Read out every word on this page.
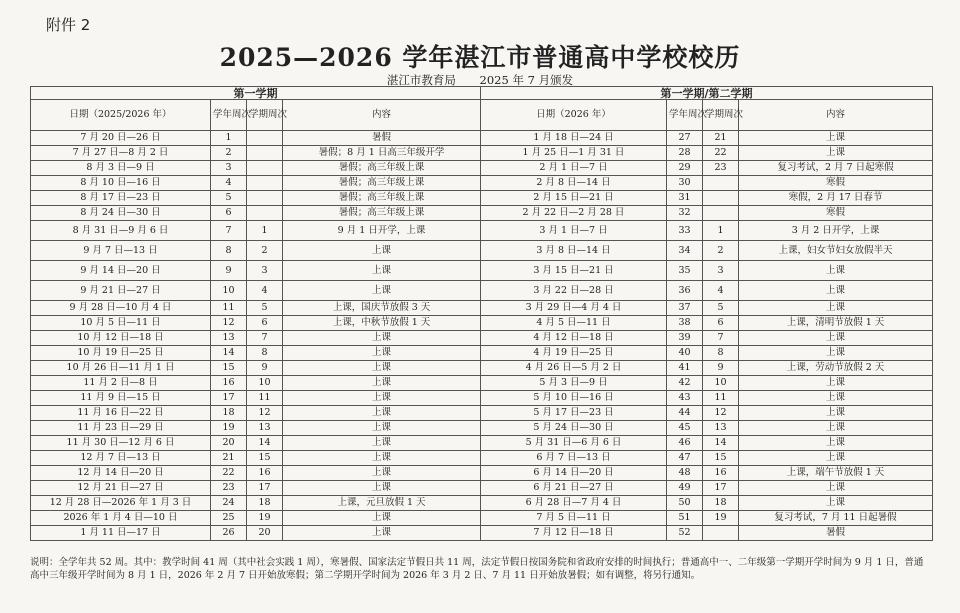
附件 2
2025—2026 学年湛江市普通高中学校校历
湛江市教育局 2025 年 7 月颁发
第一学期				第一学期/第二学期			
日期（2025/2026 年）	学年周次	学期周次	内容	日期（2026 年）	学年周次	学期周次	内容
7 月 20 日—26 日	1		暑假	1 月 18 日—24 日	27	21	上课
7 月 27 日—8 月 2 日	2		暑假；8 月 1 日高三年级开学	1 月 25 日—1 月 31 日	28	22	上课
8 月 3 日—9 日	3		暑假；高三年级上课	2 月 1 日—7 日	29	23	复习考试，2 月 7 日起寒假
8 月 10 日—16 日	4		暑假；高三年级上课	2 月 8 日—14 日	30		寒假
8 月 17 日—23 日	5		暑假；高三年级上课	2 月 15 日—21 日	31		寒假，2 月 17 日春节
8 月 24 日—30 日	6		暑假；高三年级上课	2 月 22 日—2 月 28 日	32		寒假
8 月 31 日—9 月 6 日	7	1	9 月 1 日开学，上课	3 月 1 日—7 日	33	1	3 月 2 日开学，上课
9 月 7 日—13 日	8	2	上课	3 月 8 日—14 日	34	2	上课，妇女节妇女放假半天
9 月 14 日—20 日	9	3	上课	3 月 15 日—21 日	35	3	上课
9 月 21 日—27 日	10	4	上课	3 月 22 日—28 日	36	4	上课
9 月 28 日—10 月 4 日	11	5	上课，国庆节放假 3 天	3 月 29 日—4 月 4 日	37	5	上课
10 月 5 日—11 日	12	6	上课，中秋节放假 1 天	4 月 5 日—11 日	38	6	上课，清明节放假 1 天
10 月 12 日—18 日	13	7	上课	4 月 12 日—18 日	39	7	上课
10 月 19 日—25 日	14	8	上课	4 月 19 日—25 日	40	8	上课
10 月 26 日—11 月 1 日	15	9	上课	4 月 26 日—5 月 2 日	41	9	上课，劳动节放假 2 天
11 月 2 日—8 日	16	10	上课	5 月 3 日—9 日	42	10	上课
11 月 9 日—15 日	17	11	上课	5 月 10 日—16 日	43	11	上课
11 月 16 日—22 日	18	12	上课	5 月 17 日—23 日	44	12	上课
11 月 23 日—29 日	19	13	上课	5 月 24 日—30 日	45	13	上课
11 月 30 日—12 月 6 日	20	14	上课	5 月 31 日—6 月 6 日	46	14	上课
12 月 7 日—13 日	21	15	上课	6 月 7 日—13 日	47	15	上课
12 月 14 日—20 日	22	16	上课	6 月 14 日—20 日	48	16	上课，端午节放假 1 天
12 月 21 日—27 日	23	17	上课	6 月 21 日—27 日	49	17	上课
12 月 28 日—2026 年 1 月 3 日	24	18	上课，元旦放假 1 天	6 月 28 日—7 月 4 日	50	18	上课
2026 年 1 月 4 日—10 日	25	19	上课	7 月 5 日—11 日	51	19	复习考试，7 月 11 日起暑假
1 月 11 日—17 日	26	20	上课	7 月 12 日—18 日	52		暑假
说明：全学年共 52 周。其中：教学时间 41 周（其中社会实践 1 周），寒暑假、国家法定节假日共 11 周，法定节假日按国务院和省政府安排的时间执行；普通高中一、二年级第一学期开学时间为 9 月 1 日，普通高中三年级开学时间为 8 月 1 日，2026 年 2 月 7 日开始放寒假；第二学期开学时间为 2026 年 3 月 2 日、7 月 11 日开始放暑假；如有调整，将另行通知。
